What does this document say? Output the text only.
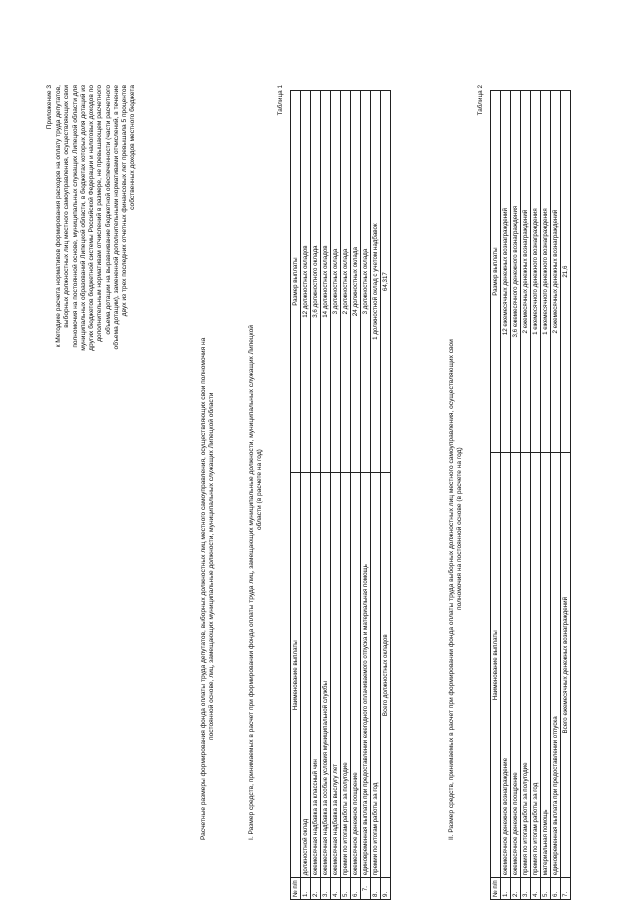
Приложение 3 к Методике расчета нормативов формирования расходов на оплату труда депутатов, выборных должностных лиц местного самоуправления, осуществляющих свои полномочия на постоянной основе, муниципальных служащих Липецкой области для муниципальных образований Липецкой области, в бюджетах которых доля дотаций из других бюджетов бюджетной системы Российской Федерации и налоговых доходов по дополнительным нормативам отчислений в размере, не превышающем расчетного объема дотации на выравнивание бюджетной обеспеченности (части расчетного объема дотации), замененной дополнительными нормативами отчислений, в течение двух из трех последних отчетных финансовых лет превышала 5 процентов собственных доходов местного бюджета
Расчетные размеры формирования фонда оплаты труда депутатов, выборных должностных лиц местного самоуправления, осуществляющих свои полномочия на постоянной основе, лиц, замещающих муниципальные должности, муниципальных служащих Липецкой области	I. Размер средств, принимаемых в расчет при формировании фонда оплаты труда лиц, замещающих муниципальные должности, муниципальных служащих Липецкой области (в расчете на год)
Таблица 1
№ п/п	Наименование выплаты	Размер выплаты
1.	должностной оклад	12 должностных окладов
2.	ежемесячная надбавка за классный чин	3,6 должностного оклада
3.	ежемесячная надбавка за особые условия муниципальной службы	14 должностных окладов
4.	ежемесячная надбавка за выслугу лет	3 должностных оклада
5.	премии по итогам работы за полугодие	2 должностных оклада
6.	ежемесячное денежное поощрение	24 должностных оклада
7.	единовременная выплата при предоставлении ежегодного оплачиваемого отпуска и материальная помощь	3 должностных оклада
8.	премии по итогам работы за год	1 должностной оклад с учетом надбавок
9.	Всего должностных окладов	64,317
II. Размер средств, принимаемых в расчет при формировании фонда оплаты труда выборных должностных лиц местного самоуправления, осуществляющих свои полномочия на постоянной основе (в расчете на год)
Таблица 2
№ п/п	Наименование выплаты	Размер выплаты
1.	ежемесячное денежное вознаграждение	12 ежемесячных денежных вознаграждений
2.	ежемесячное денежное поощрение	3,6 ежемесячного денежного вознаграждения
3.	премия по итогам работы за полугодие	2 ежемесячных денежных вознаграждений
4.	премия по итогам работы за год	1 ежемесячного денежного вознаграждения
5.	материальная помощь	1 ежемесячного денежного вознаграждения
6.	единовременная выплата при предоставлении отпуска	2 ежемесячных денежных вознаграждений
7.	Всего ежемесячных денежных вознаграждений	21,6
